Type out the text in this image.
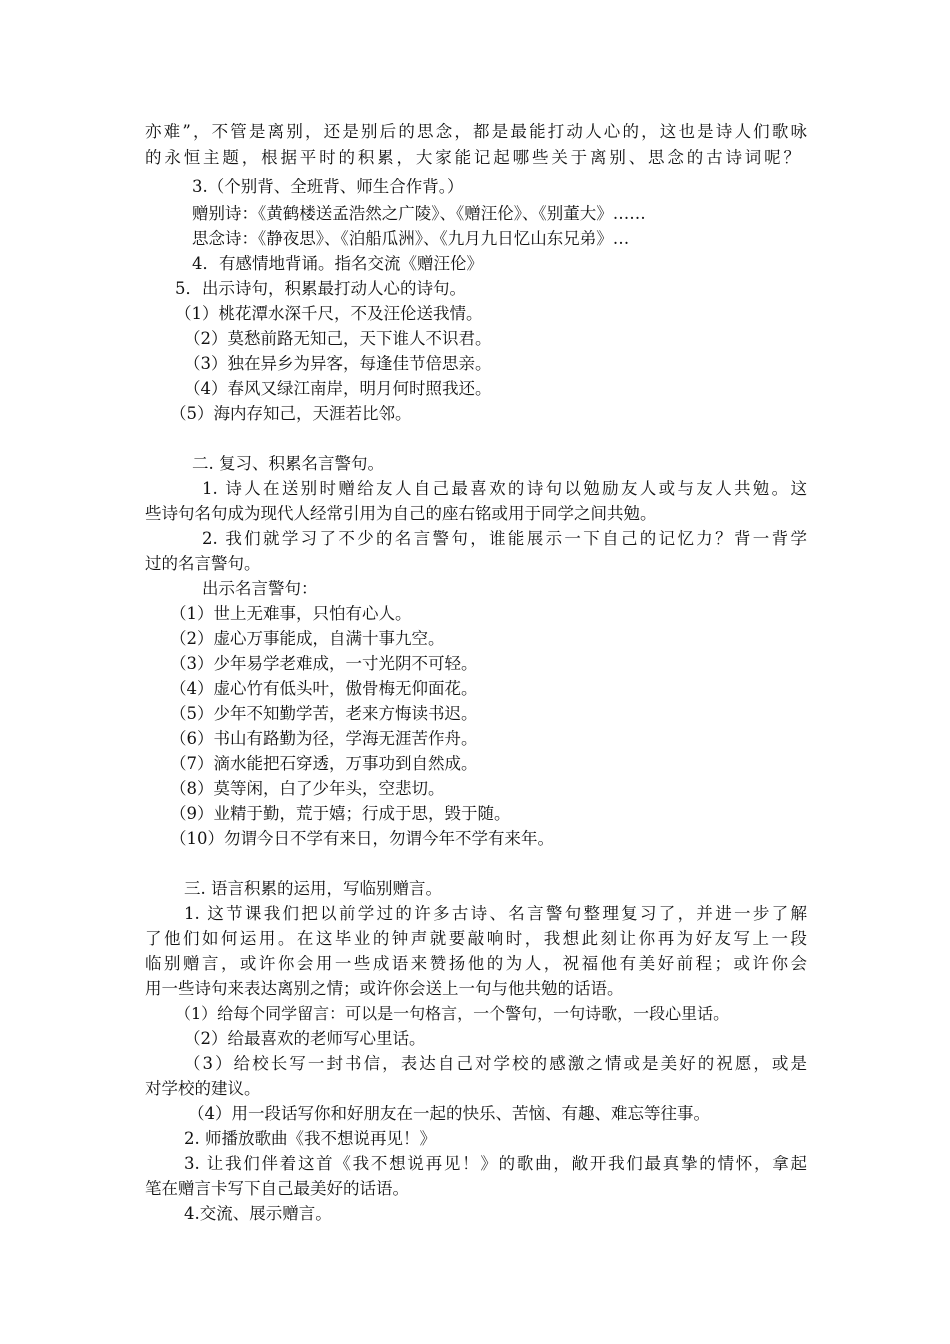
亦难”，不管是离别，还是别后的思念，都是最能打动人心的，这也是诗人们歌咏
的永恒主题，根据平时的积累，大家能记起哪些关于离别、思念的古诗词呢？
3.（个别背、全班背、师生合作背。）
赠别诗：《黄鹤楼送孟浩然之广陵》、《赠汪伦》、《别董大》……
思念诗：《静夜思》、《泊船瓜洲》、《九月九日忆山东兄弟》…
4．有感情地背诵。指名交流《赠汪伦》
5．出示诗句，积累最打动人心的诗句。
（1）桃花潭水深千尺，不及汪伦送我情。
（2）莫愁前路无知己，天下谁人不识君。
（3）独在异乡为异客，每逢佳节倍思亲。
（4）春风又绿江南岸，明月何时照我还。
（5）海内存知己，天涯若比邻。
二. 复习、积累名言警句。
1. 诗人在送别时赠给友人自己最喜欢的诗句以勉励友人或与友人共勉。这
些诗句名句成为现代人经常引用为自己的座右铭或用于同学之间共勉。
2. 我们就学习了不少的名言警句，谁能展示一下自己的记忆力？背一背学
过的名言警句。
出示名言警句：
（1）世上无难事，只怕有心人。
（2）虚心万事能成，自满十事九空。
（3）少年易学老难成，一寸光阴不可轻。
（4）虚心竹有低头叶，傲骨梅无仰面花。
（5）少年不知勤学苦，老来方悔读书迟。
（6）书山有路勤为径，学海无涯苦作舟。
（7）滴水能把石穿透，万事功到自然成。
（8）莫等闲，白了少年头，空悲切。
（9）业精于勤，荒于嬉；行成于思，毁于随。
（10）勿谓今日不学有来日，勿谓今年不学有来年。
三. 语言积累的运用，写临别赠言。
1. 这节课我们把以前学过的许多古诗、名言警句整理复习了，并进一步了解
了他们如何运用。在这毕业的钟声就要敲响时，我想此刻让你再为好友写上一段
临别赠言，或许你会用一些成语来赞扬他的为人，祝福他有美好前程；或许你会
用一些诗句来表达离别之情；或许你会送上一句与他共勉的话语。
（1）给每个同学留言：可以是一句格言，一个警句，一句诗歌，一段心里话。
（2）给最喜欢的老师写心里话。
（3）给校长写一封书信，表达自己对学校的感激之情或是美好的祝愿，或是
对学校的建议。
（4）用一段话写你和好朋友在一起的快乐、苦恼、有趣、难忘等往事。
2. 师播放歌曲《我不想说再见！》
3. 让我们伴着这首《我不想说再见！》的歌曲，敞开我们最真挚的情怀，拿起
笔在赠言卡写下自己最美好的话语。
4.交流、展示赠言。
